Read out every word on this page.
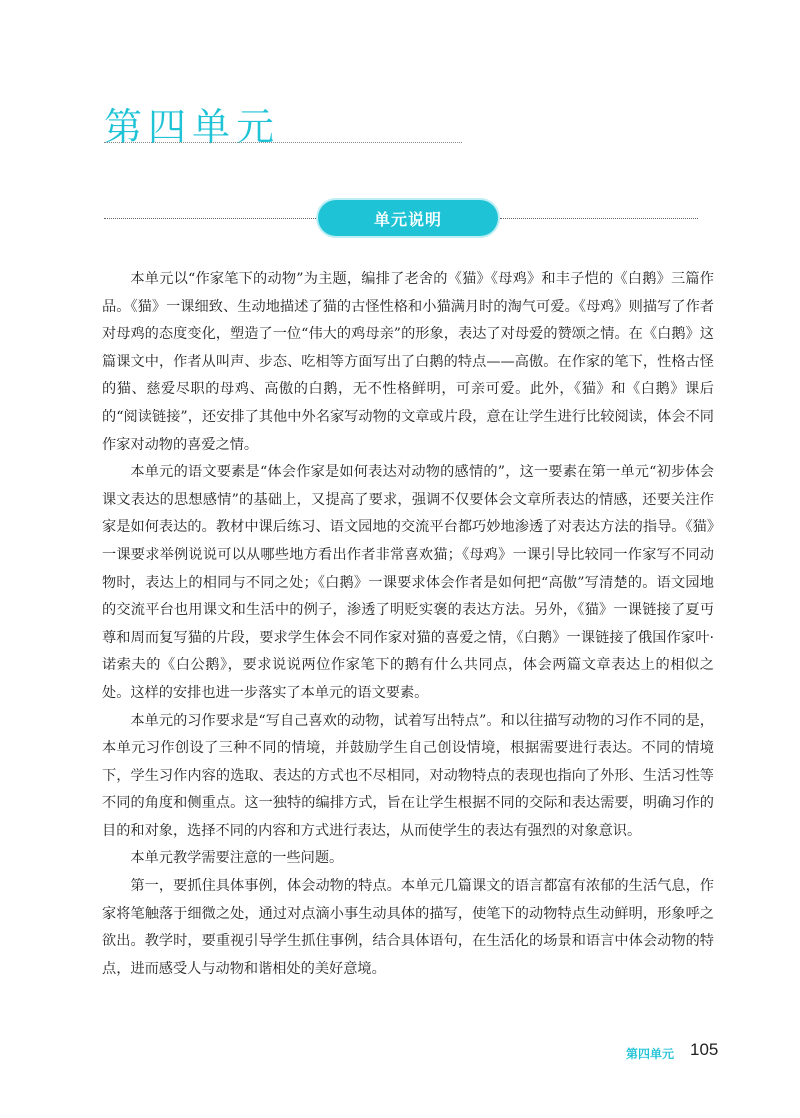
第四单元
单元说明

本单元以“作家笔下的动物”为主题，编排了老舍的《猫》《母鸡》和丰子恺的《白鹅》三篇作品。《猫》一课细致、生动地描述了猫的古怪性格和小猫满月时的淘气可爱。《母鸡》则描写了作者对母鸡的态度变化，塑造了一位“伟大的鸡母亲”的形象，表达了对母爱的赞颂之情。在《白鹅》这篇课文中，作者从叫声、步态、吃相等方面写出了白鹅的特点——高傲。在作家的笔下，性格古怪的猫、慈爱尽职的母鸡、高傲的白鹅，无不性格鲜明，可亲可爱。此外，《猫》和《白鹅》课后的“阅读链接”，还安排了其他中外名家写动物的文章或片段，意在让学生进行比较阅读，体会不同作家对动物的喜爱之情。

本单元的语文要素是“体会作家是如何表达对动物的感情的”，这一要素在第一单元“初步体会课文表达的思想感情”的基础上，又提高了要求，强调不仅要体会文章所表达的情感，还要关注作家是如何表达的。教材中课后练习、语文园地的交流平台都巧妙地渗透了对表达方法的指导。《猫》一课要求举例说说可以从哪些地方看出作者非常喜欢猫；《母鸡》一课引导比较同一作家写不同动物时，表达上的相同与不同之处；《白鹅》一课要求体会作者是如何把“高傲”写清楚的。语文园地的交流平台也用课文和生活中的例子，渗透了明贬实褒的表达方法。另外，《猫》一课链接了夏丏尊和周而复写猫的片段，要求学生体会不同作家对猫的喜爱之情，《白鹅》一课链接了俄国作家叶·诺索夫的《白公鹅》，要求说说两位作家笔下的鹅有什么共同点，体会两篇文章表达上的相似之处。这样的安排也进一步落实了本单元的语文要素。

本单元的习作要求是“写自己喜欢的动物，试着写出特点”。和以往描写动物的习作不同的是，本单元习作创设了三种不同的情境，并鼓励学生自己创设情境，根据需要进行表达。不同的情境下，学生习作内容的选取、表达的方式也不尽相同，对动物特点的表现也指向了外形、生活习性等不同的角度和侧重点。这一独特的编排方式，旨在让学生根据不同的交际和表达需要，明确习作的目的和对象，选择不同的内容和方式进行表达，从而使学生的表达有强烈的对象意识。

本单元教学需要注意的一些问题。

第一，要抓住具体事例，体会动物的特点。本单元几篇课文的语言都富有浓郁的生活气息，作家将笔触落于细微之处，通过对点滴小事生动具体的描写，使笔下的动物特点生动鲜明，形象呼之欲出。教学时，要重视引导学生抓住事例，结合具体语句，在生活化的场景和语言中体会动物的特点，进而感受人与动物和谐相处的美好意境。

第四单元 105
